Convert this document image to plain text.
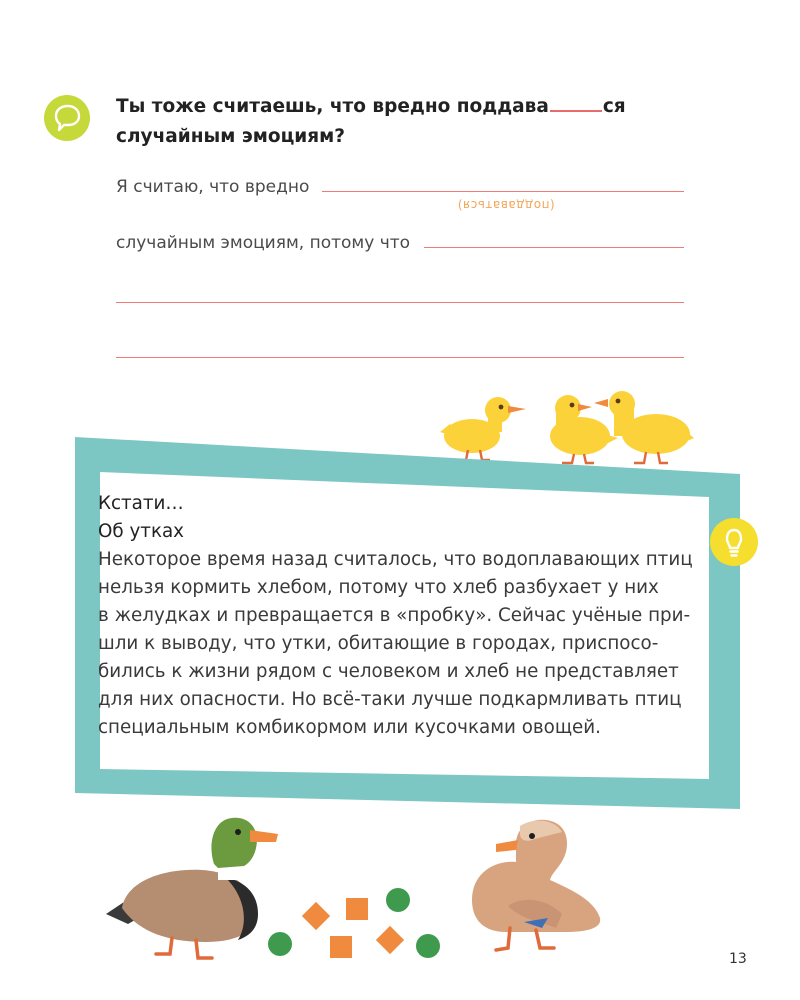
Ты тоже считаешь, что вредно поддава	ся
случайным эмоциям?
Я считаю, что вредно
(поддаваться)
случайным эмоциям, потому что
Кстати…
Об утках
Некоторое время назад считалось, что водоплавающих птиц
нельзя кормить хлебом, потому что хлеб разбухает у них
в желудках и превращается в «пробку». Сейчас учёные при-
шли к выводу, что утки, обитающие в городах, приспосо-
бились к жизни рядом с человеком и хлеб не представляет
для них опасности. Но всё-таки лучше подкармливать птиц
специальным комбикормом или кусочками овощей.
13
